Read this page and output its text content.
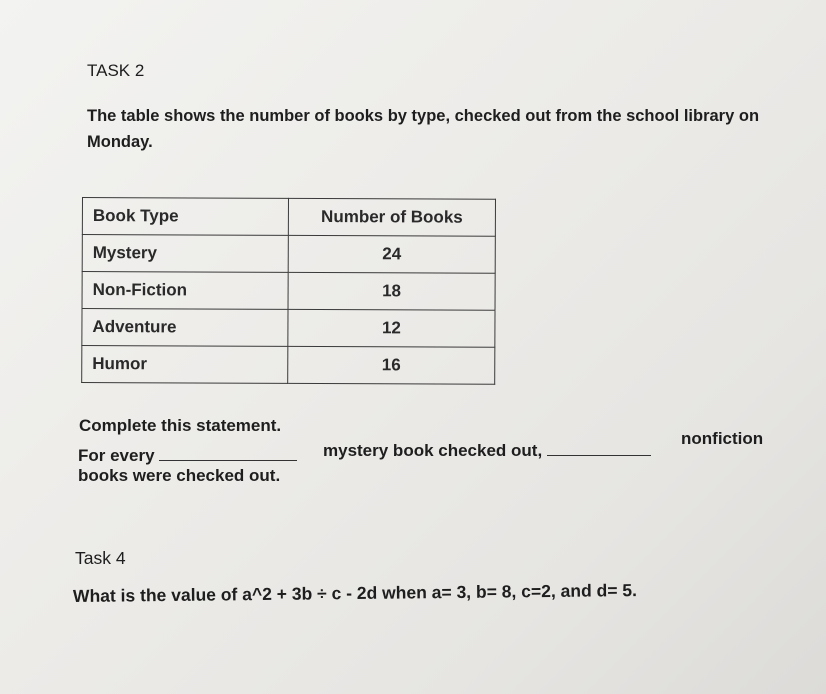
TASK 2
The table shows the number of books by type, checked out from the school library on Monday.
Book Type	Number of Books
Mystery	24
Non-Fiction	18
Adventure	12
Humor	16
Complete this statement.
For every	mystery book checked out,
nonfiction
books were checked out.
Task 4
What is the value of a^2 + 3b ÷ c - 2d when a= 3, b= 8, c=2, and d= 5.
